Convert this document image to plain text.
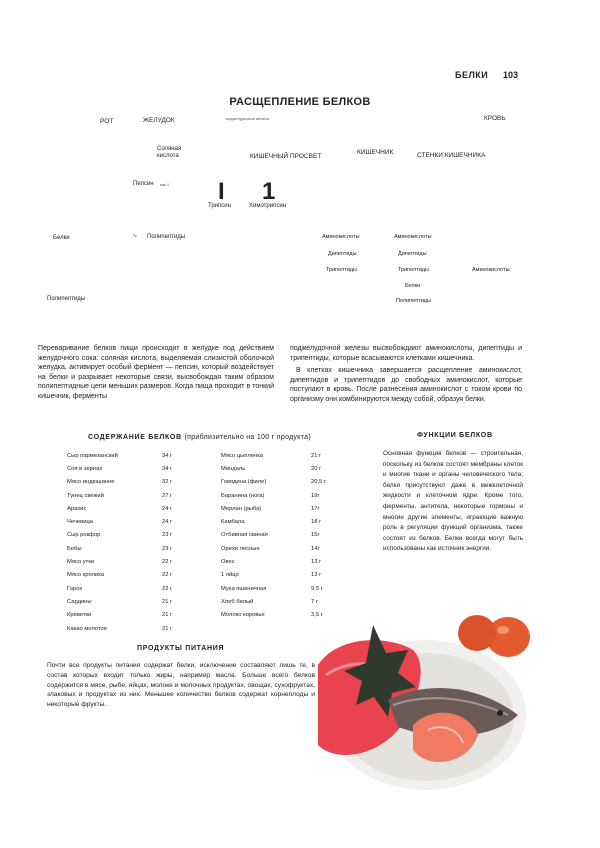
БЕЛКИ 103
РАСЩЕПЛЕНИЕ БЕЛКОВ
РОТ	ЖЕЛУДОК	поджелудочная железа	КРОВЬ
Соляная кислота	КИШЕЧНЫЙ ПРОСВЕТ
КИШЕЧНИК	СТЕНКИ КИШЕЧНИКА
Пепсин мм-1 I 1
Трипсин	Химотрипсин
Белки	*• Полипептиды	Аминокислоты	Аминокислоты
Дипептиды	Дипептиды
Трипептиды	Трипептиды	Аминокислоты
Белки
Полипептиды	Полипептиды
Переваривание белков пищи происходит в желудке под действием желудочного сока: соляная кислота, выделяемая слизистой оболочкой желудка, активирует особый фермент — пепсин, который воздействует на белки и разрывает некоторые связи, высвобождая таким образом полипептидные цепи меньших размеров. Когда пища проходит в тонкий кишечник, ферменты
поджелудочной железы высвобождают аминокислоты, дипептиды и трипептиды, которые всасываются клетками кишечника.
В клетках кишечника завершается расщепление аминокислот, дипептидов и трипептидов до свободных аминокислот, которые поступают в кровь. После разнесения аминокислот с током крови по организму они комбинируются между собой, образуя белки.
СОДЕРЖАНИЕ БЕЛКОВ (приблизительно на 100 г продукта)
Сыр пармезанский	34 г
Соя в зернах	34 г
Мясо индюшиное	32 г
Тунец свежий	27 г
Арахис	24 г
Чечевица	24 г
Сыр рокфор	23 г
Бобы	23 г
Мясо утки	22 г
Мясо кролика	22 г
Горох	22 г
Сардины	21 г
Креветки	21 г
Какао молотое	21 г
Мясо цыпленка	21 г
Миндаль	20 г
Говядина (филе)	20,5 г
Баранина (нога)	19г
Мерлан (рыба)	17г
Камбала	18 г
Отбивная свиная	15г
Орехи лесные	14г
Овес	13 г
1 яйцо	13 г
Мука пшеничная	9,5 г
Хлеб белый	7 г
Молоко коровье	3,5 г
ФУНКЦИИ БЕЛКОВ
Основная функция белков — строительная, поскольку из белков состоят мембраны клеток и многие ткани и органы человеческого тела; белки присутствуют даже в межклеточной жидкости и клеточном ядре. Кроме того, ферменты, антитела, некоторые гормоны и многие другие элементы, играющие важную роль в регуляции функций организма, также состоят из белков. Белки всегда могут быть использованы как источник энергии.
ПРОДУКТЫ ПИТАНИЯ
Почти все продукты питания содержат белки, исключение составляют лишь те, в состав которых входит только жиры, например масла. Больше всего белков содержится в мясе, рыбе, яйцах, молоке и молочных продуктах, овощах, сухофруктах, злаковых и продуктах из них. Меньшее количество белков содержат корнеплоды и некоторые фрукты.
